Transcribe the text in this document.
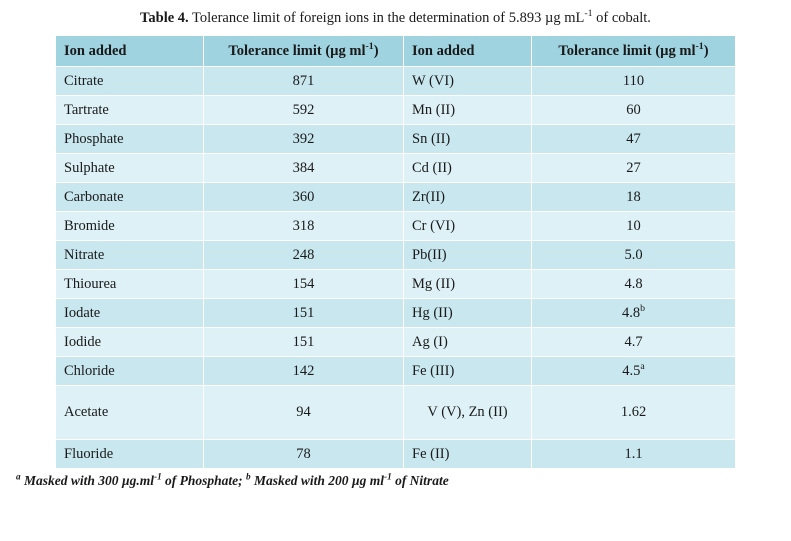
Table 4. Tolerance limit of foreign ions in the determination of 5.893 µg $mL^{-1}$ of cobalt.
Ion added	Tolerance limit (µg $ml^{-1}$)	Ion added	Tolerance limit (µg $ml^{-1}$)
Citrate	871	W (VI)	110
Tartrate	592	Mn (II)	60
Phosphate	392	Sn (II)	47
Sulphate	384	Cd (II)	27
Carbonate	360	Zr(II)	18
Bromide	318	Cr (VI)	10
Nitrate	248	Pb(II)	5.0
Thiourea	154	Mg (II)	4.8
Iodate	151	Hg (II)	4.8$^b$
Iodide	151	Ag (I)	4.7
Chloride	142	Fe (III)	4.5$^a$
Acetate	94	V (V), Zn (II)	1.62
Fluoride	78	Fe (II)	1.1
$^a$ Masked with 300 $\mu g.ml^{-1}$ of Phosphate; $^b$ Masked with 200 µg $ml^{-1}$ of Nitrate
